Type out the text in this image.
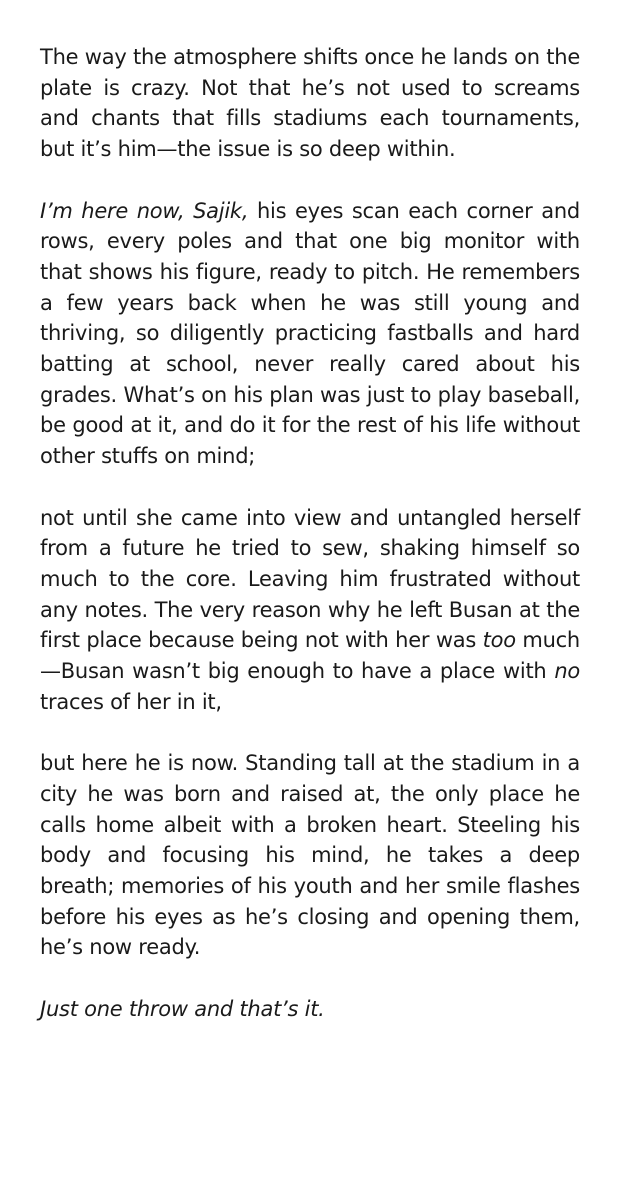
The way the atmosphere shifts once he lands on the plate is crazy. Not that he’s not used to screams and chants that fills stadiums each tournaments, but it’s him—the issue is so deep within.

I’m here now, Sajik, his eyes scan each corner and rows, every poles and that one big monitor with that shows his figure, ready to pitch. He remembers a few years back when he was still young and thriving, so diligently practicing fastballs and hard batting at school, never really cared about his grades. What’s on his plan was just to play baseball, be good at it, and do it for the rest of his life without other stuffs on mind;

not until she came into view and untangled herself from a future he tried to sew, shaking himself so much to the core. Leaving him frustrated without any notes. The very reason why he left Busan at the first place because being not with her was too much—Busan wasn’t big enough to have a place with no traces of her in it,

but here he is now. Standing tall at the stadium in a city he was born and raised at, the only place he calls home albeit with a broken heart. Steeling his body and focusing his mind, he takes a deep breath; memories of his youth and her smile flashes before his eyes as he’s closing and opening them, he’s now ready.

Just one throw and that’s it.
